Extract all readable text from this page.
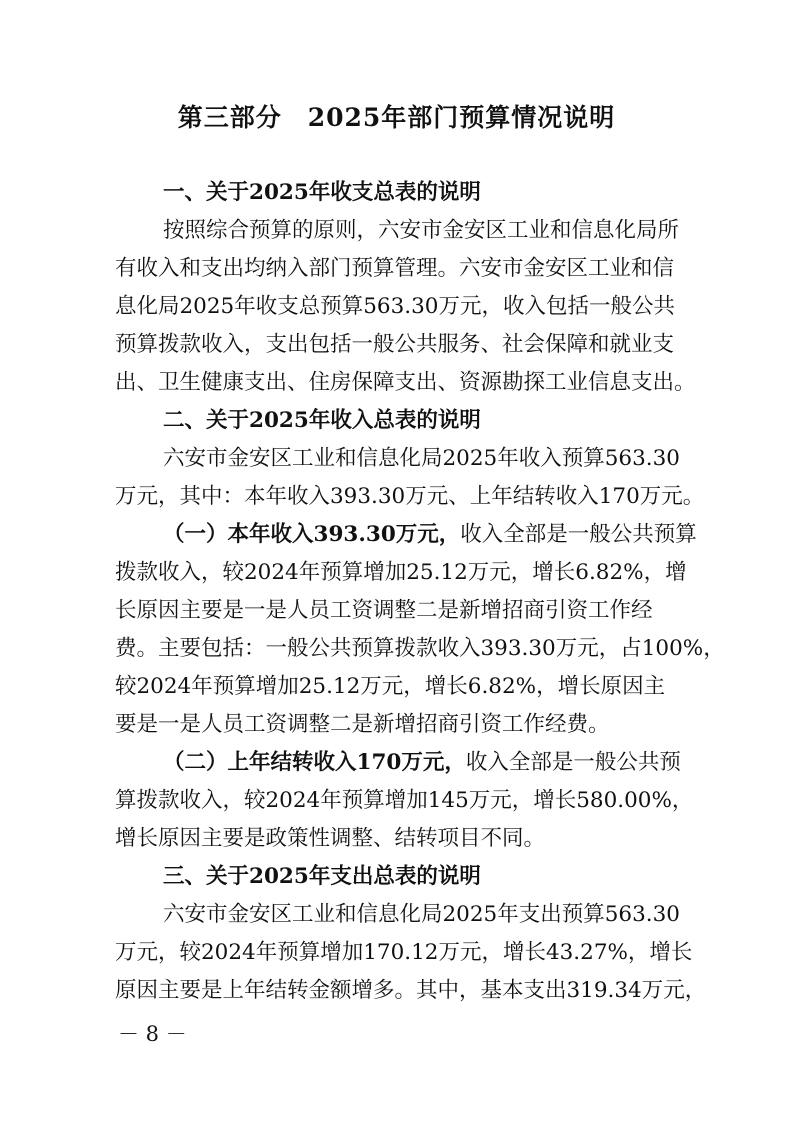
第三部分　2025年部门预算情况说明
一、关于2025年收支总表的说明
按照综合预算的原则，六安市金安区工业和信息化局所
有收入和支出均纳入部门预算管理。六安市金安区工业和信
息化局2025年收支总预算563.30万元，收入包括一般公共
预算拨款收入，支出包括一般公共服务、社会保障和就业支
出、卫生健康支出、住房保障支出、资源勘探工业信息支出。
二、关于2025年收入总表的说明
六安市金安区工业和信息化局2025年收入预算563.30
万元，其中：本年收入393.30万元、上年结转收入170万元。
（一）本年收入393.30万元，收入全部是一般公共预算
拨款收入，较2024年预算增加25.12万元，增长6.82%，增
长原因主要是一是人员工资调整二是新增招商引资工作经
费。主要包括：一般公共预算拨款收入393.30万元，占100%，
较2024年预算增加25.12万元，增长6.82%，增长原因主
要是一是人员工资调整二是新增招商引资工作经费。
（二）上年结转收入170万元，收入全部是一般公共预
算拨款收入，较2024年预算增加145万元，增长580.00%，
增长原因主要是政策性调整、结转项目不同。
三、关于2025年支出总表的说明
六安市金安区工业和信息化局2025年支出预算563.30
万元，较2024年预算增加170.12万元，增长43.27%，增长
原因主要是上年结转金额增多。其中，基本支出319.34万元，
－ 8 －
